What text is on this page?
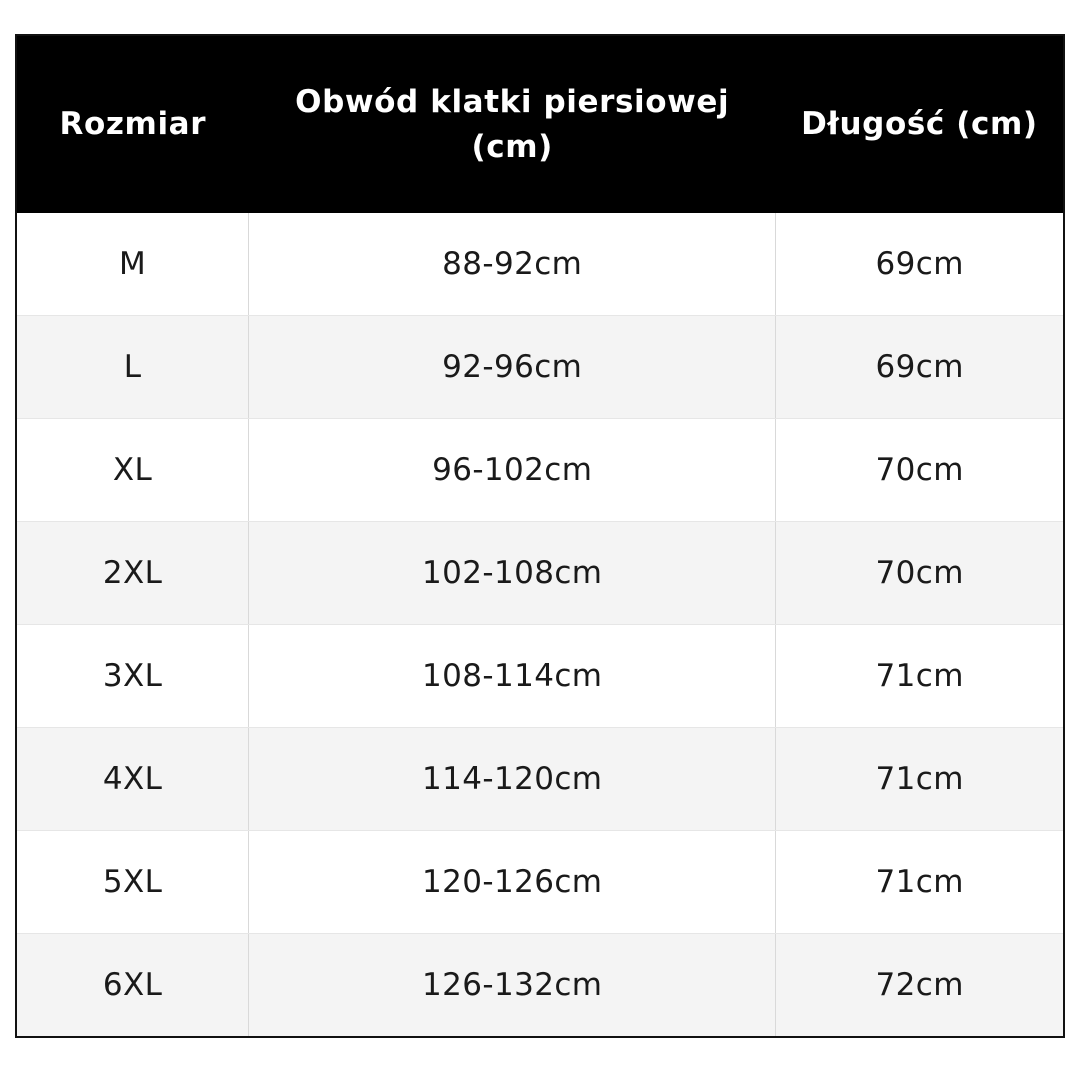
Rozmiar	Obwód klatki piersiowej (cm)	Długość (cm)
M	88-92cm	69cm
L	92-96cm	69cm
XL	96-102cm	70cm
2XL	102-108cm	70cm
3XL	108-114cm	71cm
4XL	114-120cm	71cm
5XL	120-126cm	71cm
6XL	126-132cm	72cm
